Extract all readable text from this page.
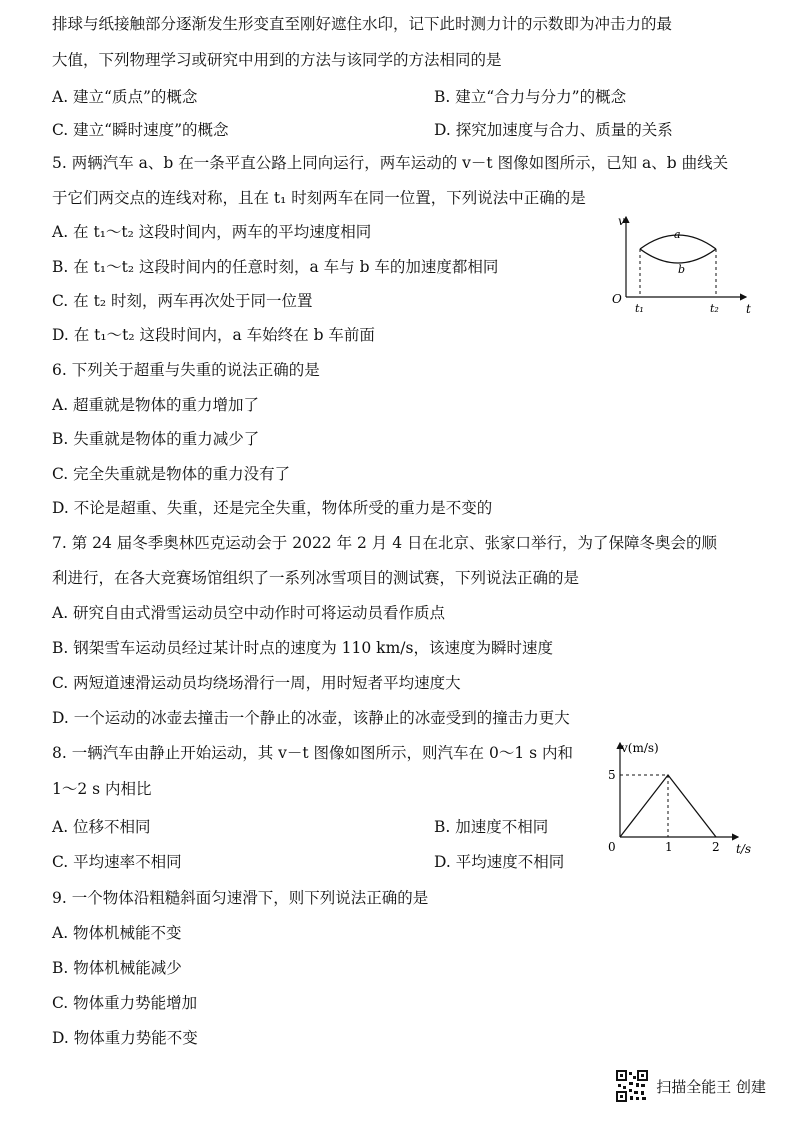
排球与纸接触部分逐渐发生形变直至刚好遮住水印，记下此时测力计的示数即为冲击力的最
大值，下列物理学习或研究中用到的方法与该同学的方法相同的是
A. 建立“质点”的概念	B. 建立“合力与分力”的概念
C. 建立“瞬时速度”的概念	D. 探究加速度与合力、质量的关系
5. 两辆汽车 a、b 在一条平直公路上同向运行，两车运动的 v－t 图像如图所示，已知 a、b 曲线关
于它们两交点的连线对称，且在 t₁ 时刻两车在同一位置，下列说法中正确的是
A. 在 t₁～t₂ 这段时间内，两车的平均速度相同
B. 在 t₁～t₂ 这段时间内的任意时刻，a 车与 b 车的加速度都相同
C. 在 t₂ 时刻，两车再次处于同一位置
D. 在 t₁～t₂ 这段时间内，a 车始终在 b 车前面
v
t
O
a
b
t₁	t₂
6. 下列关于超重与失重的说法正确的是
A. 超重就是物体的重力增加了
B. 失重就是物体的重力减少了
C. 完全失重就是物体的重力没有了
D. 不论是超重、失重，还是完全失重，物体所受的重力是不变的
7. 第 24 届冬季奥林匹克运动会于 2022 年 2 月 4 日在北京、张家口举行，为了保障冬奥会的顺
利进行，在各大竞赛场馆组织了一系列冰雪项目的测试赛，下列说法正确的是
A. 研究自由式滑雪运动员空中动作时可将运动员看作质点
B. 钢架雪车运动员经过某计时点的速度为 110 km/s，该速度为瞬时速度
C. 两短道速滑运动员均绕场滑行一周，用时短者平均速度大
D. 一个运动的冰壶去撞击一个静止的冰壶，该静止的冰壶受到的撞击力更大
8. 一辆汽车由静止开始运动，其 v－t 图像如图所示，则汽车在 0～1 s 内和
1～2 s 内相比
A. 位移不相同	B. 加速度不相同
C. 平均速率不相同	D. 平均速度不相同
v(m/s)
5
0	1	2 t/s
9. 一个物体沿粗糙斜面匀速滑下，则下列说法正确的是
A. 物体机械能不变
B. 物体机械能减少
C. 物体重力势能增加
D. 物体重力势能不变
扫描全能王 创建
